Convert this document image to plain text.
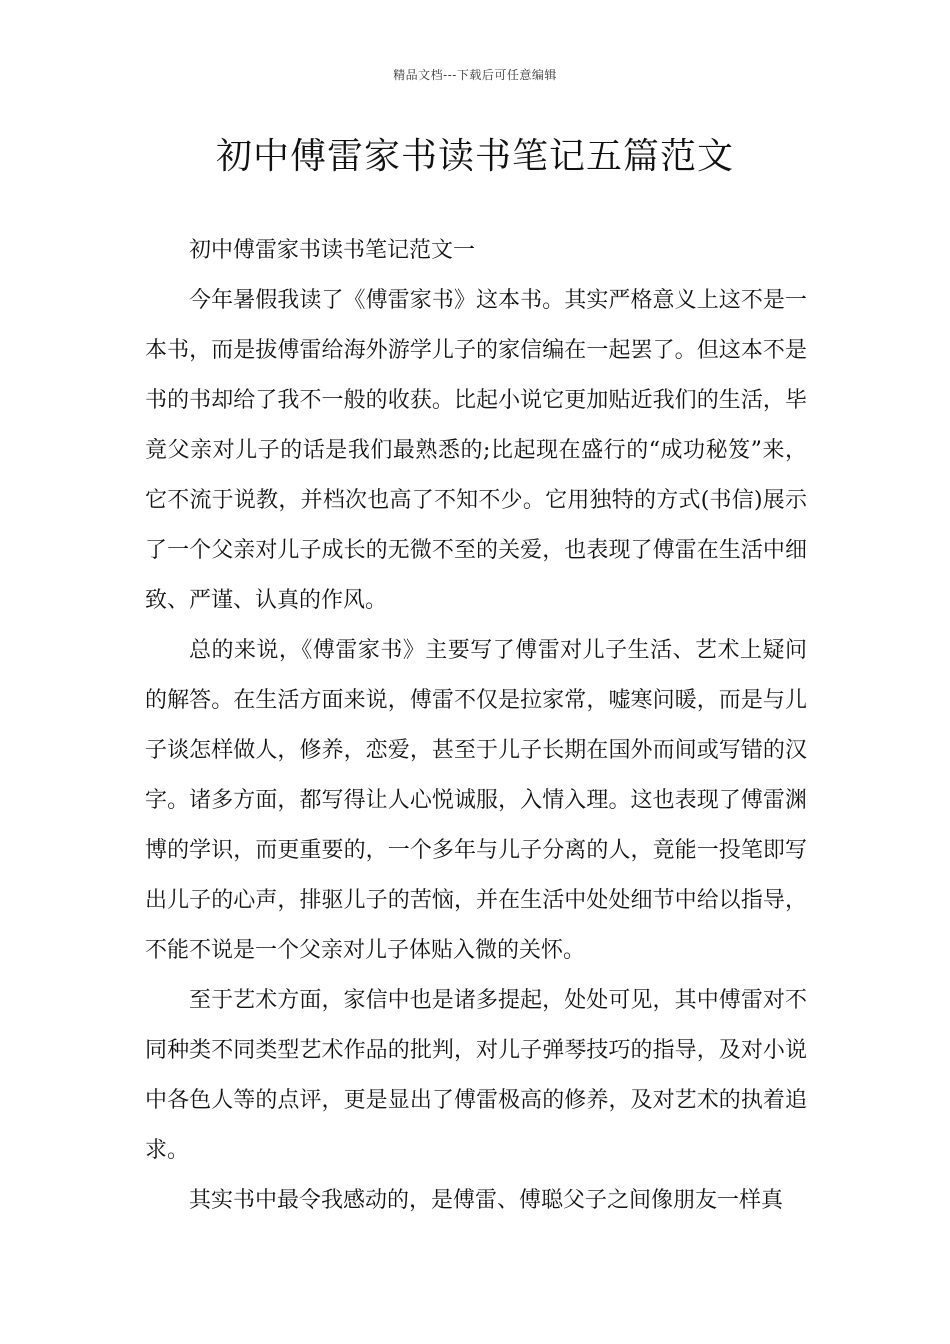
精品文档---下载后可任意编辑
初中傅雷家书读书笔记五篇范文

初中傅雷家书读书笔记范文一

今年暑假我读了《傅雷家书》这本书。其实严格意义上这不是一本书，而是拔傅雷给海外游学儿子的家信编在一起罢了。但这本不是书的书却给了我不一般的收获。比起小说它更加贴近我们的生活，毕竟父亲对儿子的话是我们最熟悉的;比起现在盛行的“成功秘笈”来，它不流于说教，并档次也高了不知不少。它用独特的方式(书信)展示了一个父亲对儿子成长的无微不至的关爱，也表现了傅雷在生活中细致、严谨、认真的作风。

总的来说，《傅雷家书》主要写了傅雷对儿子生活、艺术上疑问的解答。在生活方面来说，傅雷不仅是拉家常，嘘寒问暖，而是与儿子谈怎样做人，修养，恋爱，甚至于儿子长期在国外而间或写错的汉字。诸多方面，都写得让人心悦诚服，入情入理。这也表现了傅雷渊博的学识，而更重要的，一个多年与儿子分离的人，竟能一投笔即写出儿子的心声，排驱儿子的苦恼，并在生活中处处细节中给以指导，不能不说是一个父亲对儿子体贴入微的关怀。

至于艺术方面，家信中也是诸多提起，处处可见，其中傅雷对不同种类不同类型艺术作品的批判，对儿子弹琴技巧的指导，及对小说中各色人等的点评，更是显出了傅雷极高的修养，及对艺术的执着追求。

其实书中最令我感动的，是傅雷、傅聪父子之间像朋友一样真
